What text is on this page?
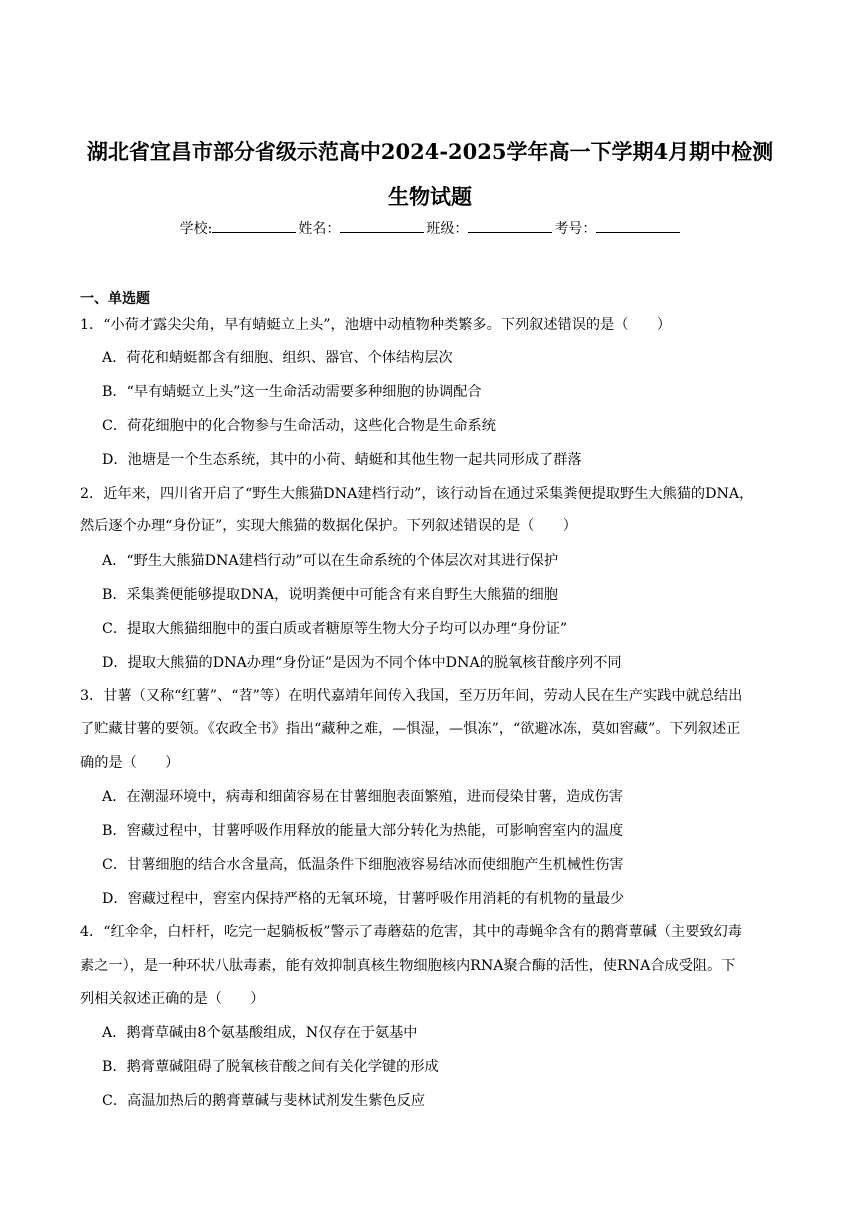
湖北省宜昌市部分省级示范高中2024-2025学年高一下学期4月期中检测
生物试题
学校:	姓名：	班级：	考号：
一、单选题
1．“小荷才露尖尖角，早有蜻蜓立上头”，池塘中动植物种类繁多。下列叙述错误的是（　　）
A．荷花和蜻蜓都含有细胞、组织、器官、个体结构层次
B．“早有蜻蜓立上头”这一生命活动需要多种细胞的协调配合
C．荷花细胞中的化合物参与生命活动，这些化合物是生命系统
D．池塘是一个生态系统，其中的小荷、蜻蜓和其他生物一起共同形成了群落
2．近年来，四川省开启了“野生大熊猫DNA建档行动”，该行动旨在通过采集粪便提取野生大熊猫的DNA，
然后逐个办理“身份证”，实现大熊猫的数据化保护。下列叙述错误的是（　　）
A．“野生大熊猫DNA建档行动”可以在生命系统的个体层次对其进行保护
B．采集粪便能够提取DNA，说明粪便中可能含有来自野生大熊猫的细胞
C．提取大熊猫细胞中的蛋白质或者糖原等生物大分子均可以办理“身份证”
D．提取大熊猫的DNA办理“身份证”是因为不同个体中DNA的脱氧核苷酸序列不同
3．甘薯（又称“红薯”、“苕”等）在明代嘉靖年间传入我国，至万历年间，劳动人民在生产实践中就总结出
了贮藏甘薯的要领。《农政全书》指出“藏种之难，—惧湿，—惧冻”，“欲避冰冻，莫如窖藏”。下列叙述正
确的是（　　）
A．在潮湿环境中，病毒和细菌容易在甘薯细胞表面繁殖，进而侵染甘薯，造成伤害
B．窖藏过程中，甘薯呼吸作用释放的能量大部分转化为热能，可影响窖室内的温度
C．甘薯细胞的结合水含量高，低温条件下细胞液容易结冰而使细胞产生机械性伤害
D．窖藏过程中，窖室内保持严格的无氧环境，甘薯呼吸作用消耗的有机物的量最少
4．“红伞伞，白杆杆，吃完一起躺板板”警示了毒蘑菇的危害，其中的毒蝇伞含有的鹅膏蕈碱（主要致幻毒
素之一），是一种环状八肽毒素，能有效抑制真核生物细胞核内RNA聚合酶的活性，使RNA合成受阻。下
列相关叙述正确的是（　　）
A．鹅膏草碱由8个氨基酸组成，N仅存在于氨基中
B．鹅膏蕈碱阻碍了脱氧核苷酸之间有关化学键的形成
C．高温加热后的鹅膏蕈碱与斐林试剂发生紫色反应
